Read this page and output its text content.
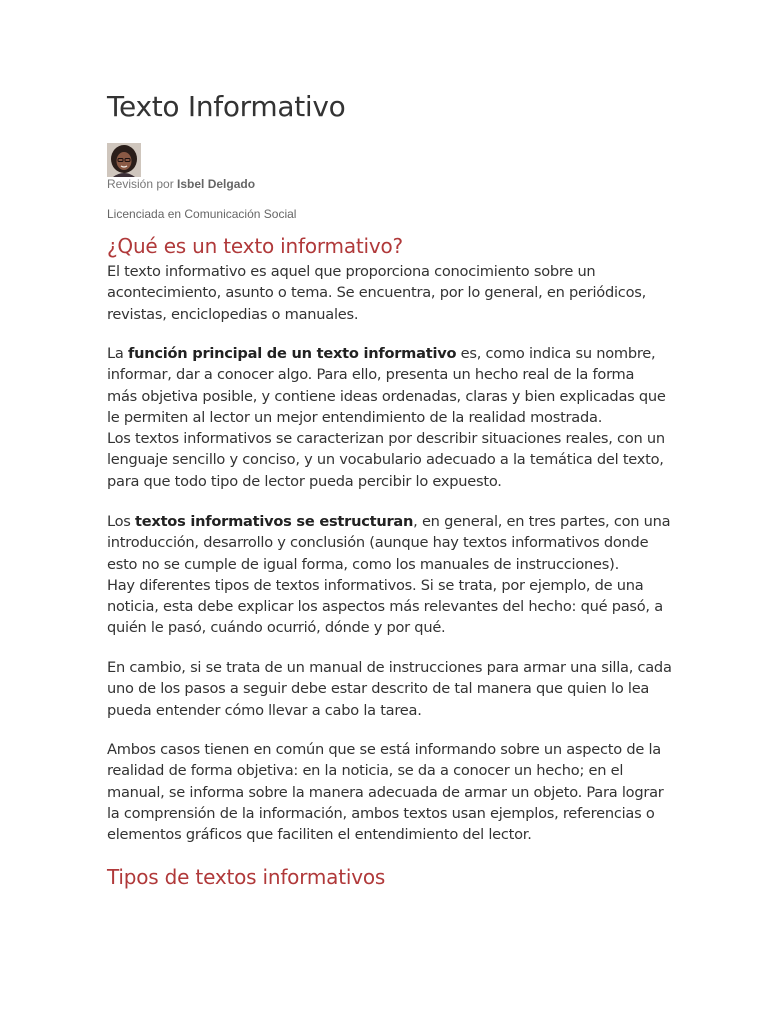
Texto Informativo
Revisión por Isbel Delgado
Licenciada en Comunicación Social
¿Qué es un texto informativo?

El texto informativo es aquel que proporciona conocimiento sobre un
acontecimiento, asunto o tema. Se encuentra, por lo general, en periódicos,
revistas, enciclopedias o manuales.

La función principal de un texto informativo es, como indica su nombre,
informar, dar a conocer algo. Para ello, presenta un hecho real de la forma
más objetiva posible, y contiene ideas ordenadas, claras y bien explicadas que
le permiten al lector un mejor entendimiento de la realidad mostrada.
Los textos informativos se caracterizan por describir situaciones reales, con un
lenguaje sencillo y conciso, y un vocabulario adecuado a la temática del texto,
para que todo tipo de lector pueda percibir lo expuesto.

Los textos informativos se estructuran, en general, en tres partes, con una
introducción, desarrollo y conclusión (aunque hay textos informativos donde
esto no se cumple de igual forma, como los manuales de instrucciones).
Hay diferentes tipos de textos informativos. Si se trata, por ejemplo, de una
noticia, esta debe explicar los aspectos más relevantes del hecho: qué pasó, a
quién le pasó, cuándo ocurrió, dónde y por qué.

En cambio, si se trata de un manual de instrucciones para armar una silla, cada
uno de los pasos a seguir debe estar descrito de tal manera que quien lo lea
pueda entender cómo llevar a cabo la tarea.

Ambos casos tienen en común que se está informando sobre un aspecto de la
realidad de forma objetiva: en la noticia, se da a conocer un hecho; en el
manual, se informa sobre la manera adecuada de armar un objeto. Para lograr
la comprensión de la información, ambos textos usan ejemplos, referencias o
elementos gráficos que faciliten el entendimiento del lector.

Tipos de textos informativos
